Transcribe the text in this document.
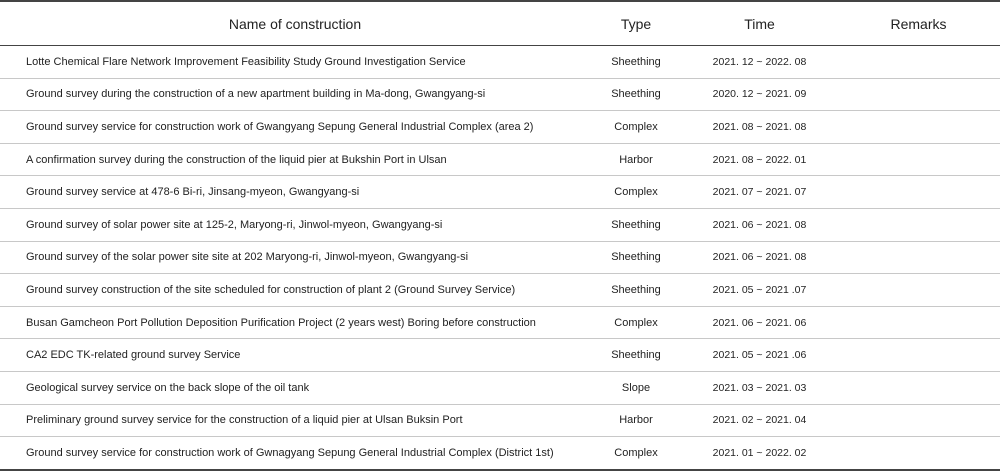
Name of construction	Type	Time	Remarks
Lotte Chemical Flare Network Improvement Feasibility Study Ground Investigation Service	Sheething	2021. 12 ~ 2022. 08	
Ground survey during the construction of a new apartment building in Ma-dong, Gwangyang-si	Sheething	2020. 12 ~ 2021. 09	
Ground survey service for construction work of Gwangyang Sepung General Industrial Complex (area 2)	Complex	2021. 08 ~ 2021. 08	
A confirmation survey during the construction of the liquid pier at Bukshin Port in Ulsan	Harbor	2021. 08 ~ 2022. 01	
Ground survey service at 478-6 Bi-ri, Jinsang-myeon, Gwangyang-si	Complex	2021. 07 ~ 2021. 07	
Ground survey of solar power site at 125-2, Maryong-ri, Jinwol-myeon, Gwangyang-si	Sheething	2021. 06 ~ 2021. 08	
Ground survey of the solar power site site at 202 Maryong-ri, Jinwol-myeon, Gwangyang-si	Sheething	2021. 06 ~ 2021. 08	
Ground survey construction of the site scheduled for construction of plant 2 (Ground Survey Service)	Sheething	2021. 05 ~ 2021 .07	
Busan Gamcheon Port Pollution Deposition Purification Project (2 years west) Boring before construction	Complex	2021. 06 ~ 2021. 06	
CA2 EDC TK-related ground survey Service	Sheething	2021. 05 ~ 2021 .06	
Geological survey service on the back slope of the oil tank	Slope	2021. 03 ~ 2021. 03	
Preliminary ground survey service for the construction of a liquid pier at Ulsan Buksin Port	Harbor	2021. 02 ~ 2021. 04	
Ground survey service for construction work of Gwnagyang Sepung General Industrial Complex (District 1st)	Complex	2021. 01 ~ 2022. 02	
